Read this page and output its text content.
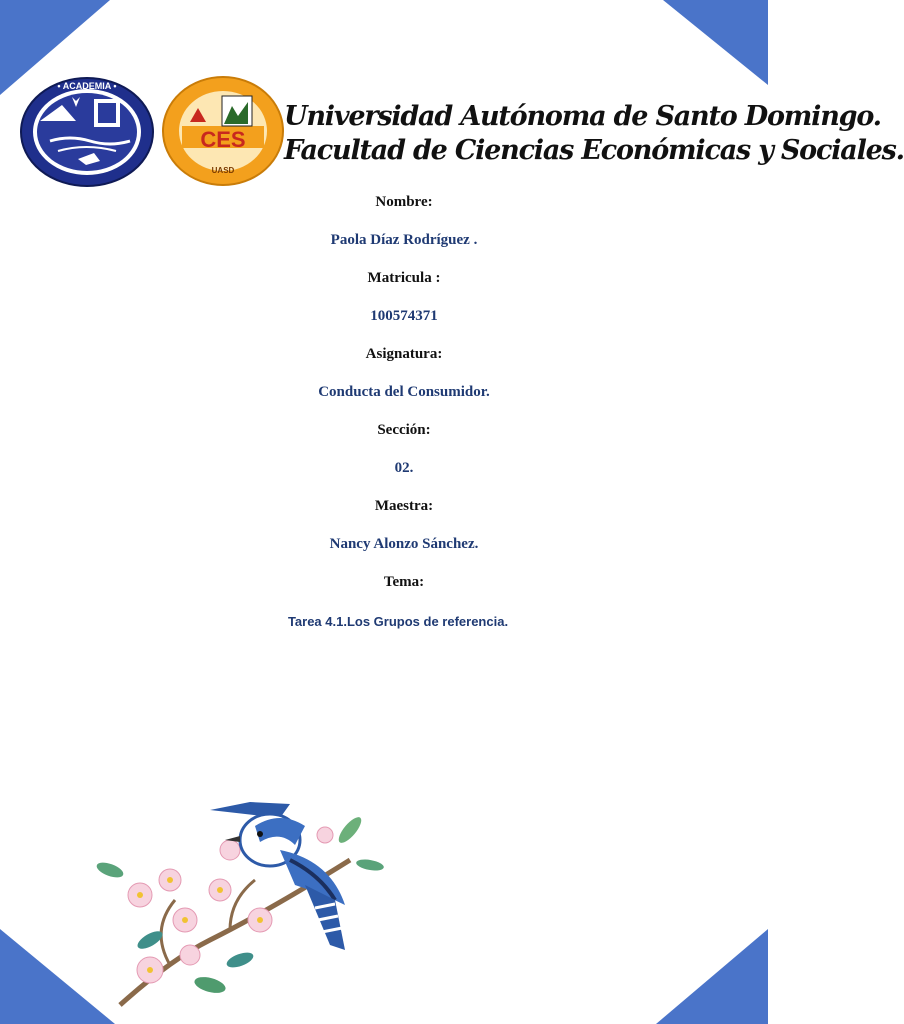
• ACADEMIA •
CES
UASD
Universidad Autónoma de Santo Domingo.
Facultad de Ciencias Económicas y Sociales.
Nombre:
Paola Díaz Rodríguez .
Matricula :
100574371
Asignatura:
Conducta del Consumidor.
Sección:
02.
Maestra:
Nancy Alonzo Sánchez.
Tema:
Tarea 4.1.Los Grupos de referencia.
